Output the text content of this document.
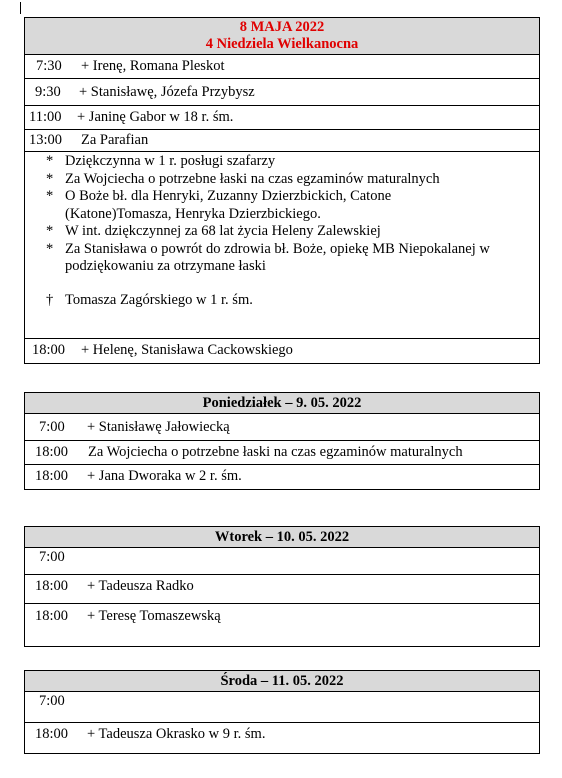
8 MAJA 2022
4 Niedziela Wielkanocna

7:30 + Irenę, Romana Pleskot

9:30 + Stanisławę, Józefa Przybysz

11:00 + Janinę Gabor w 18 r. śm.

13:00 Za Parafian

* Dziękczynna w 1 r. posługi szafarzy
* Za Wojciecha o potrzebne łaski na czas egzaminów maturalnych
* O Boże bł. dla Henryki, Zuzanny Dzierzbickich, Catone (Katone)Tomasza, Henryka Dzierzbickiego.
* W int. dziękczynnej za 68 lat życia Heleny Zalewskiej
* Za Stanisława o powrót do zdrowia bł. Boże, opiekę MB Niepokalanej w podziękowaniu za otrzymane łaski
† Tomasza Zagórskiego w 1 r. śm.

18:00 + Helenę, Stanisława Cackowskiego
Poniedziałek – 9. 05. 2022

7:00 + Stanisławę Jałowiecką

18:00 Za Wojciecha o potrzebne łaski na czas egzaminów maturalnych

18:00 + Jana Dworaka w 2 r. śm.
Wtorek – 10. 05. 2022

7:00

18:00 + Tadeusza Radko

18:00 + Teresę Tomaszewską
Środa – 11. 05. 2022

7:00

18:00 + Tadeusza Okrasko w 9 r. śm.
